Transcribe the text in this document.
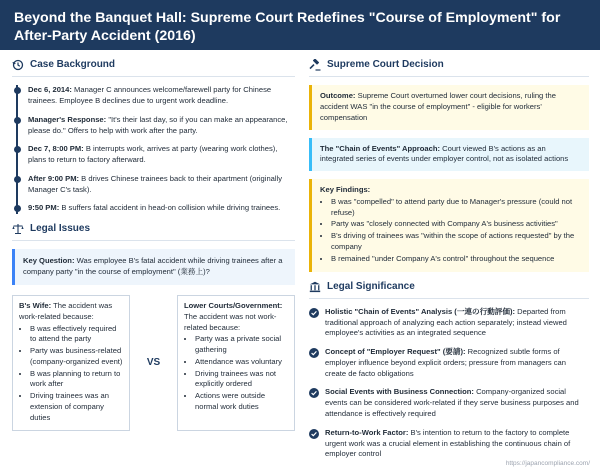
Beyond the Banquet Hall: Supreme Court Redefines "Course of Employment" for After-Party Accident (2016)
Case Background
Dec 6, 2014: Manager C announces welcome/farewell party for Chinese trainees. Employee B declines due to urgent work deadline.
Manager's Response: "It's their last day, so if you can make an appearance, please do." Offers to help with work after the party.
Dec 7, 8:00 PM: B interrupts work, arrives at party (wearing work clothes), plans to return to factory afterward.
After 9:00 PM: B drives Chinese trainees back to their apartment (originally Manager C's task).
9:50 PM: B suffers fatal accident in head-on collision while driving trainees.
Legal Issues
Key Question: Was employee B's fatal accident while driving trainees after a company party "in the course of employment" (業務上)?
B's Wife: The accident was work-related because:
• B was effectively required to attend the party
• Party was business-related (company-organized event)
• B was planning to return to work after
• Driving trainees was an extension of company duties
VS
Lower Courts/Government: The accident was not work-related because:
• Party was a private social gathering
• Attendance was voluntary
• Driving trainees was not explicitly ordered
• Actions were outside normal work duties
Supreme Court Decision
Outcome: Supreme Court overturned lower court decisions, ruling the accident WAS "in the course of employment" - eligible for workers' compensation
The "Chain of Events" Approach: Court viewed B's actions as an integrated series of events under employer control, not as isolated actions
Key Findings:
• B was "compelled" to attend party due to Manager's pressure (could not refuse)
• Party was "closely connected with Company A's business activities"
• B's driving of trainees was "within the scope of actions requested" by the company
• B remained "under Company A's control" throughout the sequence
Legal Significance
Holistic "Chain of Events" Analysis (一連の行動評価): Departed from traditional approach of analyzing each action separately; instead viewed employee's activities as an integrated sequence
Concept of "Employer Request" (要請): Recognized subtle forms of employer influence beyond explicit orders; pressure from managers can create de facto obligations
Social Events with Business Connection: Company-organized social events can be considered work-related if they serve business purposes and attendance is effectively required
Return-to-Work Factor: B's intention to return to the factory to complete urgent work was a crucial element in establishing the continuous chain of employer control
https://japancompliance.com/
